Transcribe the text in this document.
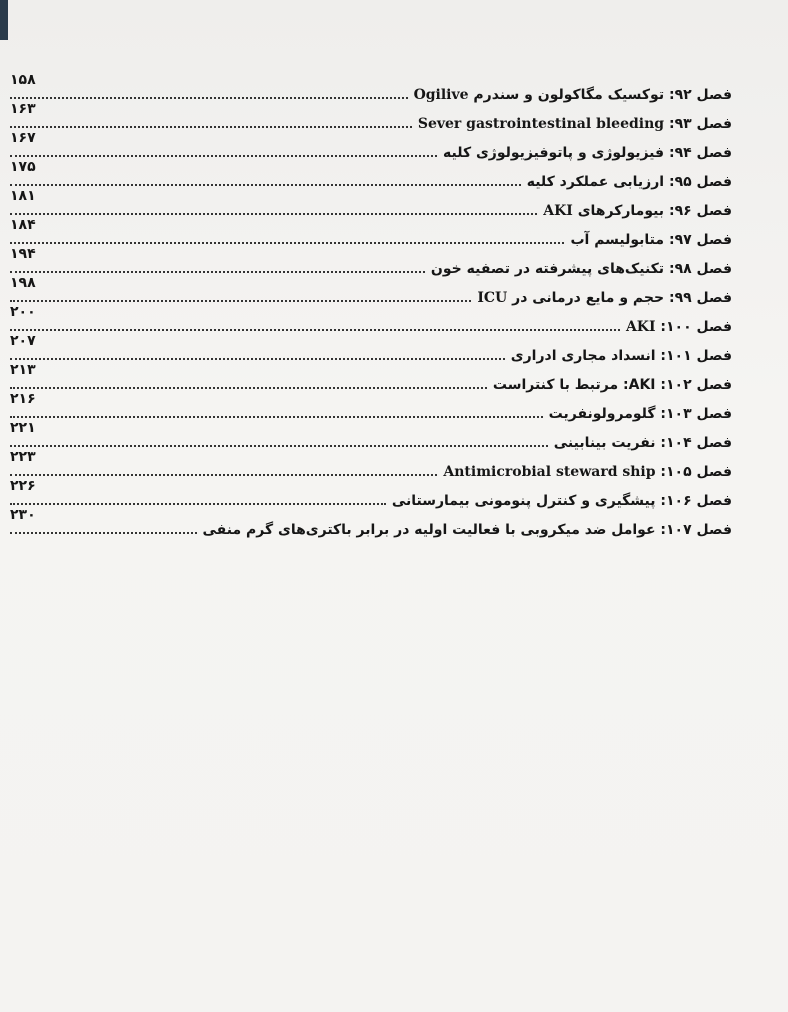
فصل ۹۲: توکسیک مگاکولون و سندرم Ogilive
۱۵۸
فصل ۹۳: Sever gastrointestinal bleeding
۱۶۳
فصل ۹۴: فیزیولوژی و پاتوفیزیولوژی کلیه
۱۶۷
فصل ۹۵: ارزیابی عملکرد کلیه
۱۷۵
فصل ۹۶: بیومارکرهای AKI
۱۸۱
فصل ۹۷: متابولیسم آب
۱۸۴
فصل ۹۸: تکنیک‌های پیشرفته در تصفیه خون
۱۹۴
فصل ۹۹: حجم و مایع درمانی در ICU
۱۹۸
فصل ۱۰۰: AKI
۲۰۰
فصل ۱۰۱: انسداد مجاری ادراری
۲۰۷
فصل ۱۰۲: AKI: مرتبط با کنتراست
۲۱۳
فصل ۱۰۳: گلومرولونفریت
۲۱۶
فصل ۱۰۴: نفریت بینابینی
۲۲۱
فصل ۱۰۵: Antimicrobial steward ship
۲۲۳
فصل ۱۰۶: پیشگیری و کنترل پنومونی بیمارستانی
۲۲۶
فصل ۱۰۷: عوامل ضد میکروبی با فعالیت اولیه در برابر باکتری‌های گرم منفی
۲۳۰
